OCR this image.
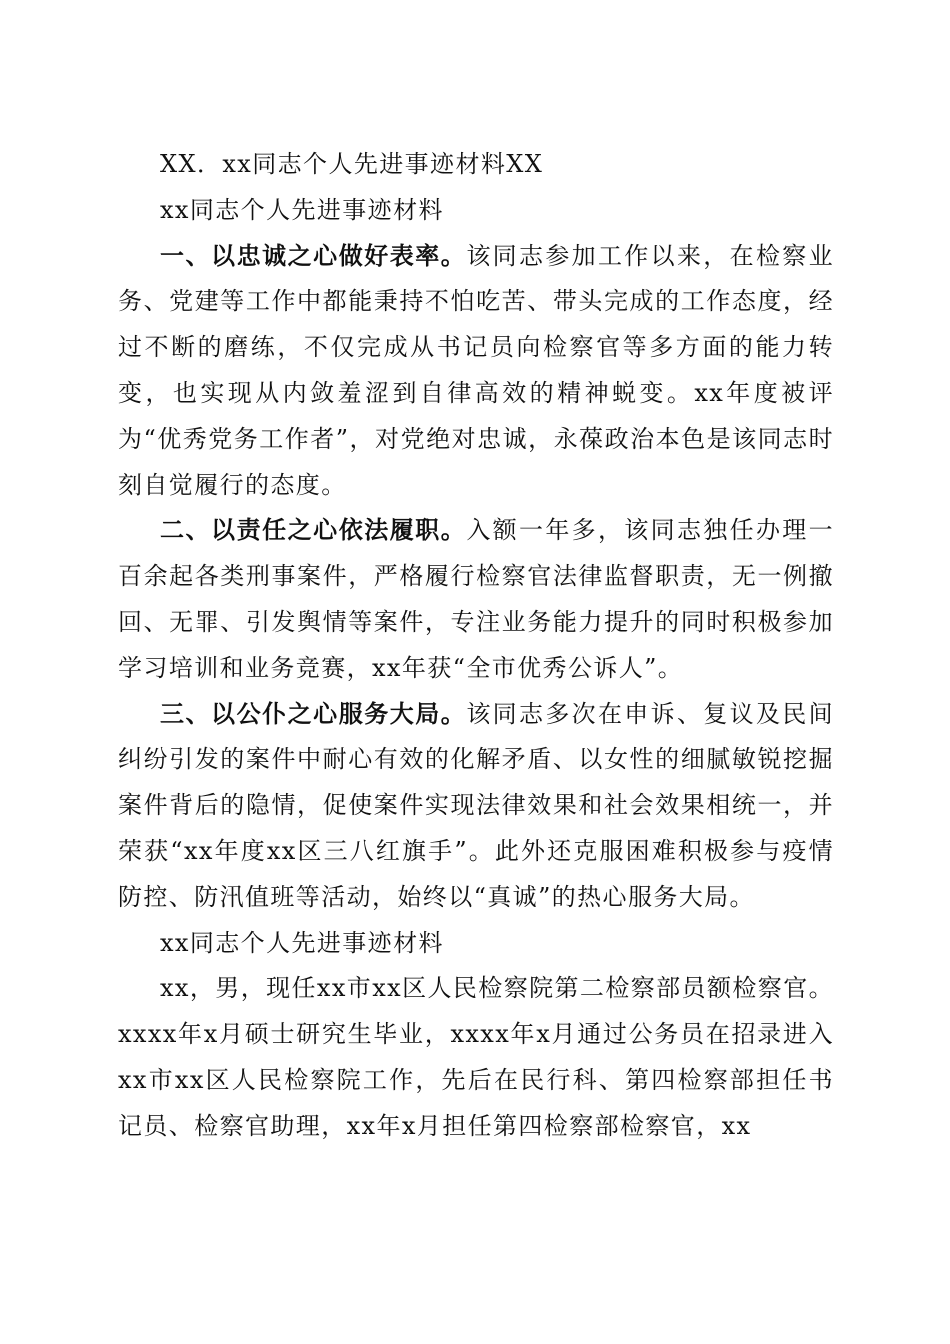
XX．xx同志个人先进事迹材料XX

xx同志个人先进事迹材料

一、以忠诚之心做好表率。该同志参加工作以来，在检察业务、党建等工作中都能秉持不怕吃苦、带头完成的工作态度，经过不断的磨练，不仅完成从书记员向检察官等多方面的能力转变，也实现从内敛羞涩到自律高效的精神蜕变。xx年度被评为“优秀党务工作者”，对党绝对忠诚，永葆政治本色是该同志时刻自觉履行的态度。

二、以责任之心依法履职。入额一年多，该同志独任办理一百余起各类刑事案件，严格履行检察官法律监督职责，无一例撤回、无罪、引发舆情等案件，专注业务能力提升的同时积极参加学习培训和业务竞赛，xx年获“全市优秀公诉人”。

三、以公仆之心服务大局。该同志多次在申诉、复议及民间纠纷引发的案件中耐心有效的化解矛盾、以女性的细腻敏锐挖掘案件背后的隐情，促使案件实现法律效果和社会效果相统一，并荣获“xx年度xx区三八红旗手”。此外还克服困难积极参与疫情防控、防汛值班等活动，始终以“真诚”的热心服务大局。

xx同志个人先进事迹材料

xx，男，现任xx市xx区人民检察院第二检察部员额检察官。xxxx年x月硕士研究生毕业，xxxx年x月通过公务员在招录进入xx市xx区人民检察院工作，先后在民行科、第四检察部担任书记员、检察官助理，xx年x月担任第四检察部检察官，xx
